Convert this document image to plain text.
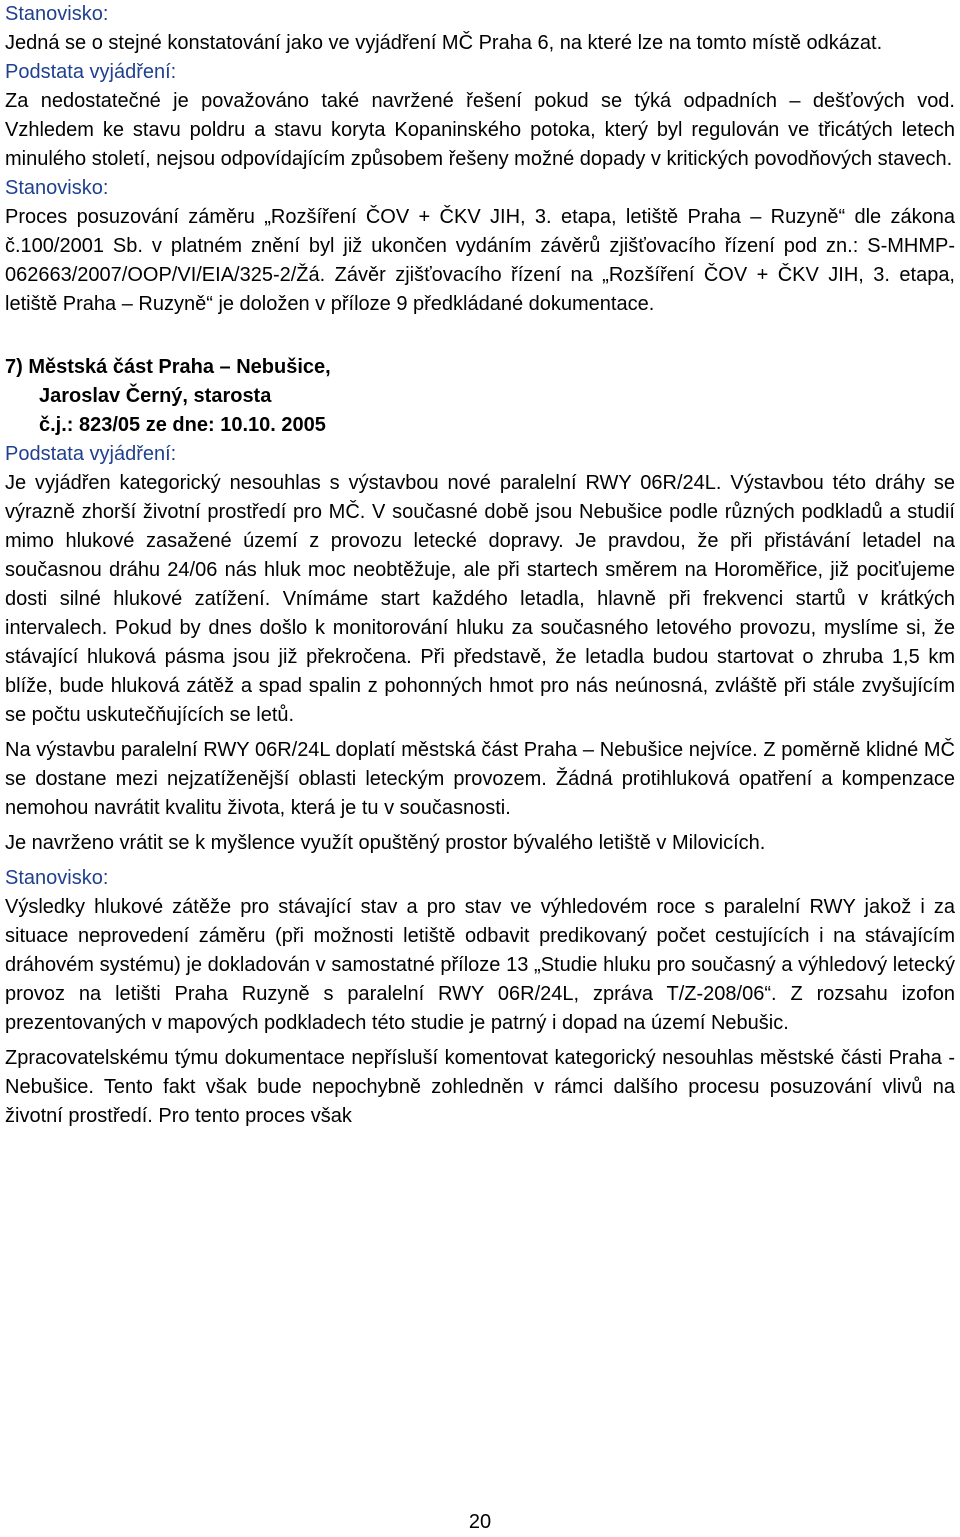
Stanovisko:

Jedná se o stejné konstatování jako ve vyjádření MČ Praha 6, na které lze na tomto místě odkázat.

Podstata vyjádření:

Za nedostatečné je považováno také navržené řešení pokud se týká odpadních – dešťových vod. Vzhledem ke stavu poldru a stavu koryta Kopaninského potoka, který byl regulován ve třicátých letech minulého století, nejsou odpovídajícím způsobem řešeny možné dopady v kritických povodňových stavech.

Stanovisko:

Proces posuzování záměru „Rozšíření ČOV + ČKV JIH, 3. etapa, letiště Praha – Ruzyně“ dle zákona č.100/2001 Sb. v platném znění byl již ukončen vydáním závěrů zjišťovacího řízení pod zn.: S-MHMP-062663/2007/OOP/VI/EIA/325-2/Žá. Závěr zjišťovacího řízení na „Rozšíření ČOV + ČKV JIH, 3. etapa, letiště Praha – Ruzyně“ je doložen v příloze 9 předkládané dokumentace.

7) Městská část Praha – Nebušice,
Jaroslav Černý, starosta
č.j.: 823/05 ze dne: 10.10. 2005
Podstata vyjádření:

Je vyjádřen kategorický nesouhlas s výstavbou nové paralelní RWY 06R/24L. Výstavbou této dráhy se výrazně zhorší životní prostředí pro MČ. V současné době jsou Nebušice podle různých podkladů a studií mimo hlukové zasažené území z provozu letecké dopravy. Je pravdou, že při přistávání letadel na současnou dráhu 24/06 nás hluk moc neobtěžuje, ale při startech směrem na Horoměřice, již pociťujeme dosti silné hlukové zatížení. Vnímáme start každého letadla, hlavně při frekvenci startů v krátkých intervalech. Pokud by dnes došlo k monitorování hluku za současného letového provozu, myslíme si, že stávající hluková pásma jsou již překročena. Při představě, že letadla budou startovat o zhruba 1,5 km blíže, bude hluková zátěž a spad spalin z pohonných hmot pro nás neúnosná, zvláště při stále zvyšujícím se počtu uskutečňujících se letů.

Na výstavbu paralelní RWY 06R/24L doplatí městská část Praha – Nebušice nejvíce. Z poměrně klidné MČ se dostane mezi nejzatíženější oblasti leteckým provozem. Žádná protihluková opatření a kompenzace nemohou navrátit kvalitu života, která je tu v současnosti.

Je navrženo vrátit se k myšlence využít opuštěný prostor bývalého letiště v Milovicích.

Stanovisko:

Výsledky hlukové zátěže pro stávající stav a pro stav ve výhledovém roce s paralelní RWY jakož i za situace neprovedení záměru (při možnosti letiště odbavit predikovaný počet cestujících i na stávajícím dráhovém systému) je dokladován v samostatné příloze 13 „Studie hluku pro současný a výhledový letecký provoz na letišti Praha Ruzyně s paralelní RWY 06R/24L, zpráva T/Z-208/06“. Z rozsahu izofon prezentovaných v mapových podkladech této studie je patrný i dopad na území Nebušic.

Zpracovatelskému týmu dokumentace nepřísluší komentovat kategorický nesouhlas městské části Praha - Nebušice. Tento fakt však bude nepochybně zohledněn v rámci dalšího procesu posuzování vlivů na životní prostředí. Pro tento proces však

20
